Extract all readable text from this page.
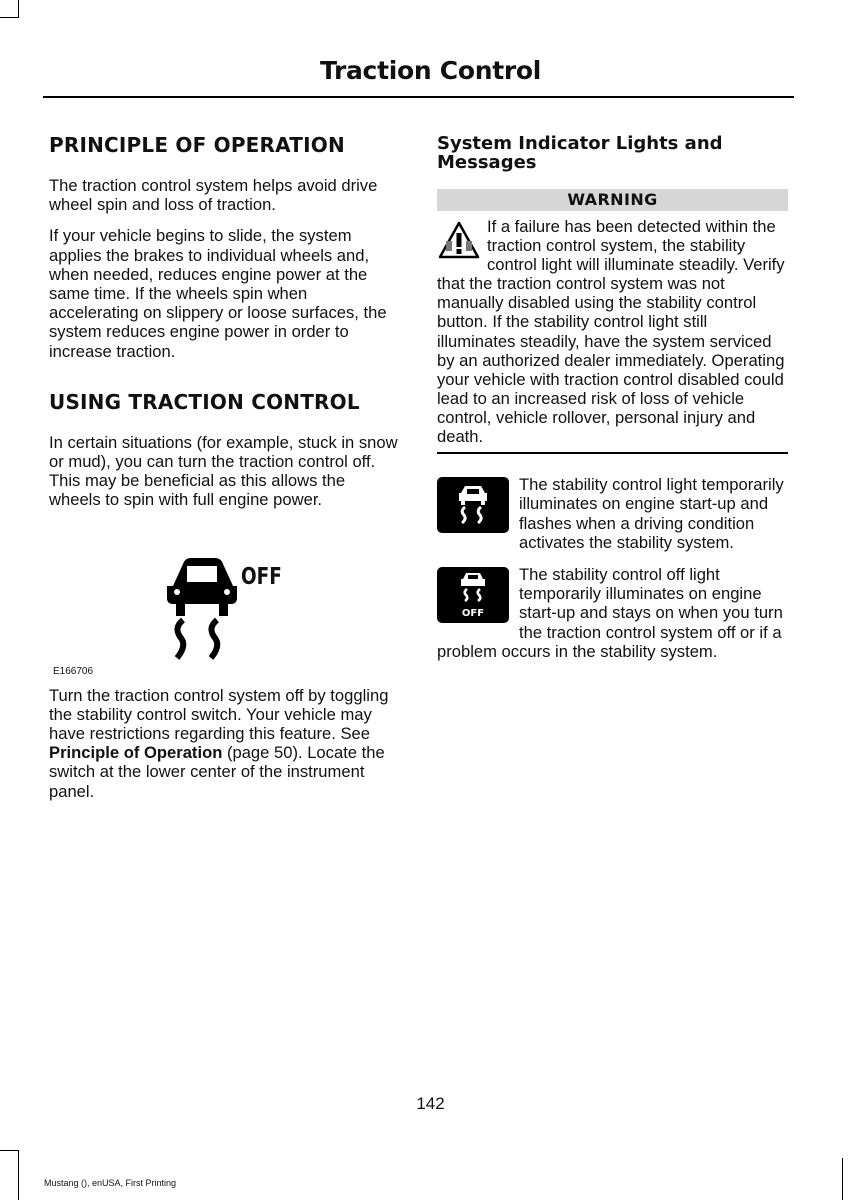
Traction Control
PRINCIPLE OF OPERATION

The traction control system helps avoid drive wheel spin and loss of traction.

If your vehicle begins to slide, the system applies the brakes to individual wheels and, when needed, reduces engine power at the same time. If the wheels spin when accelerating on slippery or loose surfaces, the system reduces engine power in order to increase traction.

USING TRACTION CONTROL

In certain situations (for example, stuck in snow or mud), you can turn the traction control off. This may be beneficial as this allows the wheels to spin with full engine power.

OFF

E166706

Turn the traction control system off by toggling the stability control switch. Your vehicle may have restrictions regarding this feature. See Principle of Operation (page 50). Locate the switch at the lower center of the instrument panel.

System Indicator Lights and Messages
WARNING

If a failure has been detected within the traction control system, the stability control light will illuminate steadily. Verify that the traction control system was not manually disabled using the stability control button. If the stability control light still illuminates steadily, have the system serviced by an authorized dealer immediately. Operating your vehicle with traction control disabled could lead to an increased risk of loss of vehicle control, vehicle rollover, personal injury and death.

The stability control light temporarily illuminates on engine start-up and flashes when a driving condition activates the stability system.

OFF
The stability control off light temporarily illuminates on engine start-up and stays on when you turn the traction control system off or if a problem occurs in the stability system.

142
Mustang (), enUSA, First Printing
